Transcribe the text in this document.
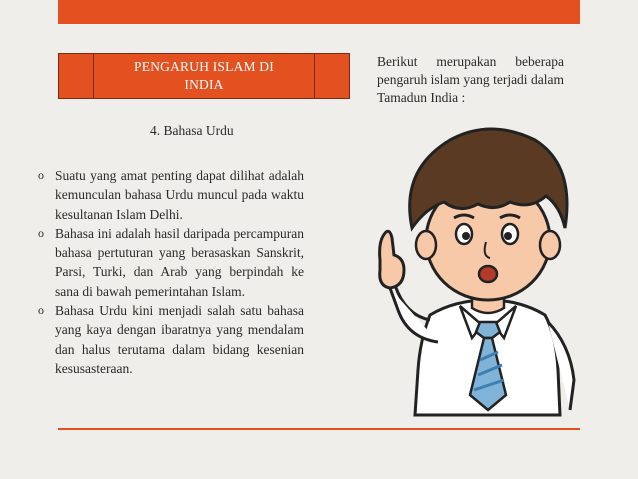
PENGARUH ISLAM DI
INDIA
Berikut merupakan beberapa pengaruh islam yang terjadi dalam Tamadun India :
4. Bahasa Urdu
o Suatu yang amat penting dapat dilihat adalah kemunculan bahasa Urdu muncul pada waktu kesultanan Islam Delhi.
o Bahasa ini adalah hasil daripada percampuran bahasa pertuturan yang berasaskan Sanskrit, Parsi, Turki, dan Arab yang berpindah ke sana di bawah pemerintahan Islam.
o Bahasa Urdu kini menjadi salah satu bahasa yang kaya dengan ibaratnya yang mendalam dan halus terutama dalam bidang kesenian kesusasteraan.
